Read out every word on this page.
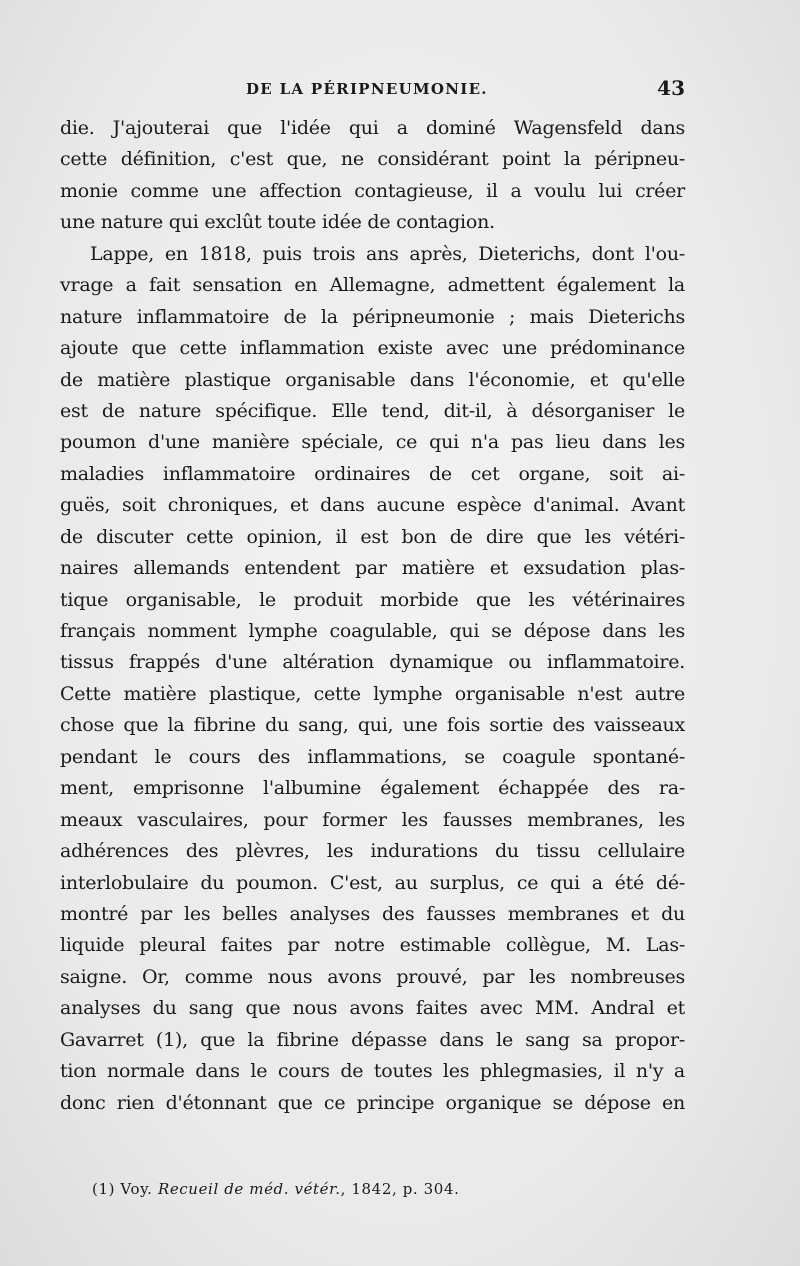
DE LA PÉRIPNEUMONIE.	43
die. J'ajouterai que l'idée qui a dominé Wagensfeld dans
cette définition, c'est que, ne considérant point la péripneu-
monie comme une affection contagieuse, il a voulu lui créer
une nature qui exclût toute idée de contagion.
Lappe, en 1818, puis trois ans après, Dieterichs, dont l'ou-
vrage a fait sensation en Allemagne, admettent également la
nature inflammatoire de la péripneumonie ; mais Dieterichs
ajoute que cette inflammation existe avec une prédominance
de matière plastique organisable dans l'économie, et qu'elle
est de nature spécifique. Elle tend, dit-il, à désorganiser le
poumon d'une manière spéciale, ce qui n'a pas lieu dans les
maladies inflammatoire ordinaires de cet organe, soit ai-
guës, soit chroniques, et dans aucune espèce d'animal. Avant
de discuter cette opinion, il est bon de dire que les vétéri-
naires allemands entendent par matière et exsudation plas-
tique organisable, le produit morbide que les vétérinaires
français nomment lymphe coagulable, qui se dépose dans les
tissus frappés d'une altération dynamique ou inflammatoire.
Cette matière plastique, cette lymphe organisable n'est autre
chose que la fibrine du sang, qui, une fois sortie des vaisseaux
pendant le cours des inflammations, se coagule spontané-
ment, emprisonne l'albumine également échappée des ra-
meaux vasculaires, pour former les fausses membranes, les
adhérences des plèvres, les indurations du tissu cellulaire
interlobulaire du poumon. C'est, au surplus, ce qui a été dé-
montré par les belles analyses des fausses membranes et du
liquide pleural faites par notre estimable collègue, M. Las-
saigne. Or, comme nous avons prouvé, par les nombreuses
analyses du sang que nous avons faites avec MM. Andral et
Gavarret (1), que la fibrine dépasse dans le sang sa propor-
tion normale dans le cours de toutes les phlegmasies, il n'y a
donc rien d'étonnant que ce principe organique se dépose en
(1) Voy. Recueil de méd. vétér., 1842, p. 304.
